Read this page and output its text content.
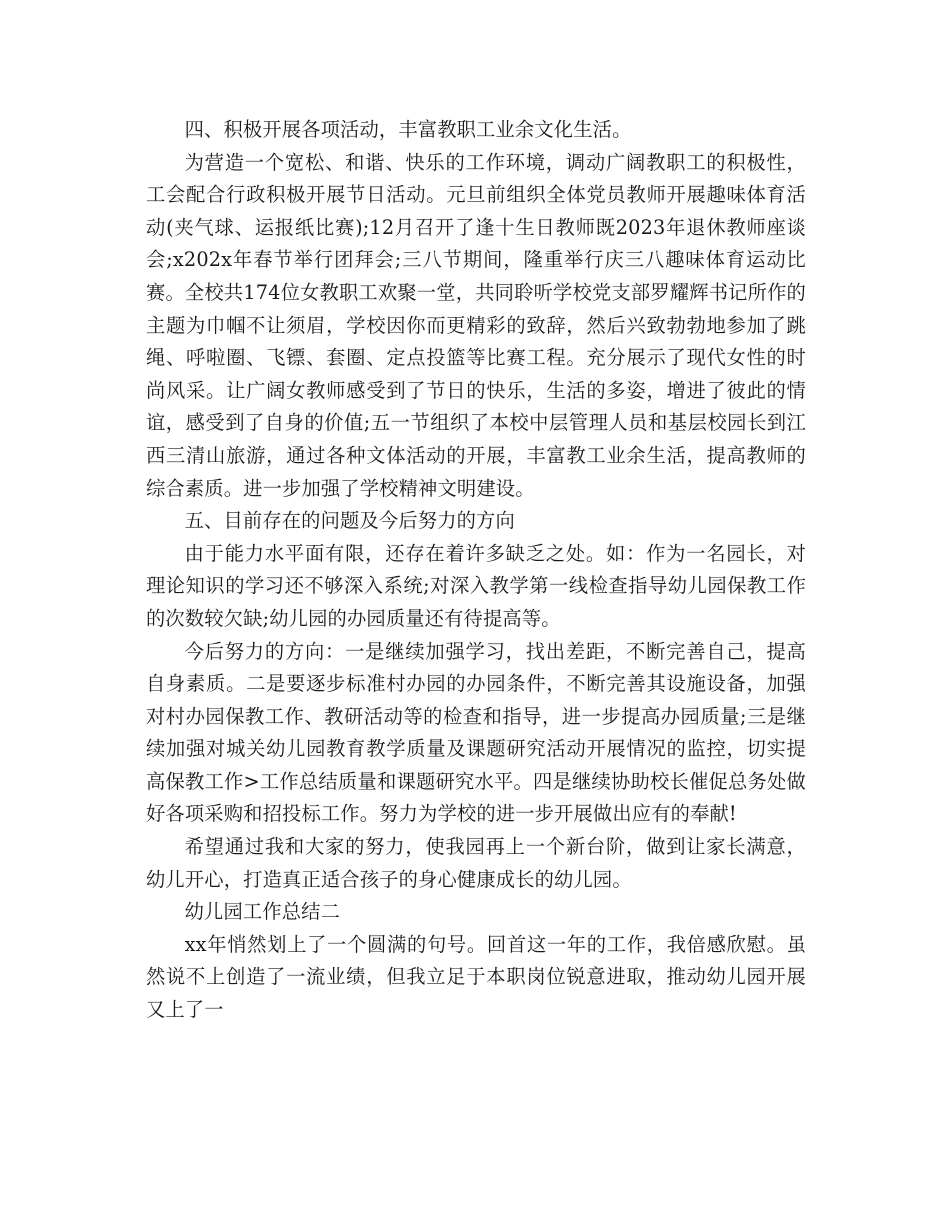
四、积极开展各项活动，丰富教职工业余文化生活。

为营造一个宽松、和谐、快乐的工作环境，调动广阔教职工的积极性，工会配合行政积极开展节日活动。元旦前组织全体党员教师开展趣味体育活动(夹气球、运报纸比赛);12月召开了逢十生日教师既2023年退休教师座谈会;x202x年春节举行团拜会;三八节期间，隆重举行庆三八趣味体育运动比赛。全校共174位女教职工欢聚一堂，共同聆听学校党支部罗耀辉书记所作的主题为巾帼不让须眉，学校因你而更精彩的致辞，然后兴致勃勃地参加了跳绳、呼啦圈、飞镖、套圈、定点投篮等比赛工程。充分展示了现代女性的时尚风采。让广阔女教师感受到了节日的快乐，生活的多姿，增进了彼此的情谊，感受到了自身的价值;五一节组织了本校中层管理人员和基层校园长到江西三清山旅游，通过各种文体活动的开展，丰富教工业余生活，提高教师的综合素质。进一步加强了学校精神文明建设。

五、目前存在的问题及今后努力的方向

由于能力水平面有限，还存在着许多缺乏之处。如：作为一名园长，对理论知识的学习还不够深入系统;对深入教学第一线检查指导幼儿园保教工作的次数较欠缺;幼儿园的办园质量还有待提高等。

今后努力的方向：一是继续加强学习，找出差距，不断完善自己，提高自身素质。二是要逐步标准村办园的办园条件，不断完善其设施设备，加强对村办园保教工作、教研活动等的检查和指导，进一步提高办园质量;三是继续加强对城关幼儿园教育教学质量及课题研究活动开展情况的监控，切实提高保教工作>工作总结质量和课题研究水平。四是继续协助校长催促总务处做好各项采购和招投标工作。努力为学校的进一步开展做出应有的奉献!

希望通过我和大家的努力，使我园再上一个新台阶，做到让家长满意，幼儿开心，打造真正适合孩子的身心健康成长的幼儿园。

幼儿园工作总结二

xx年悄然划上了一个圆满的句号。回首这一年的工作，我倍感欣慰。虽然说不上创造了一流业绩，但我立足于本职岗位锐意进取，推动幼儿园开展又上了一
